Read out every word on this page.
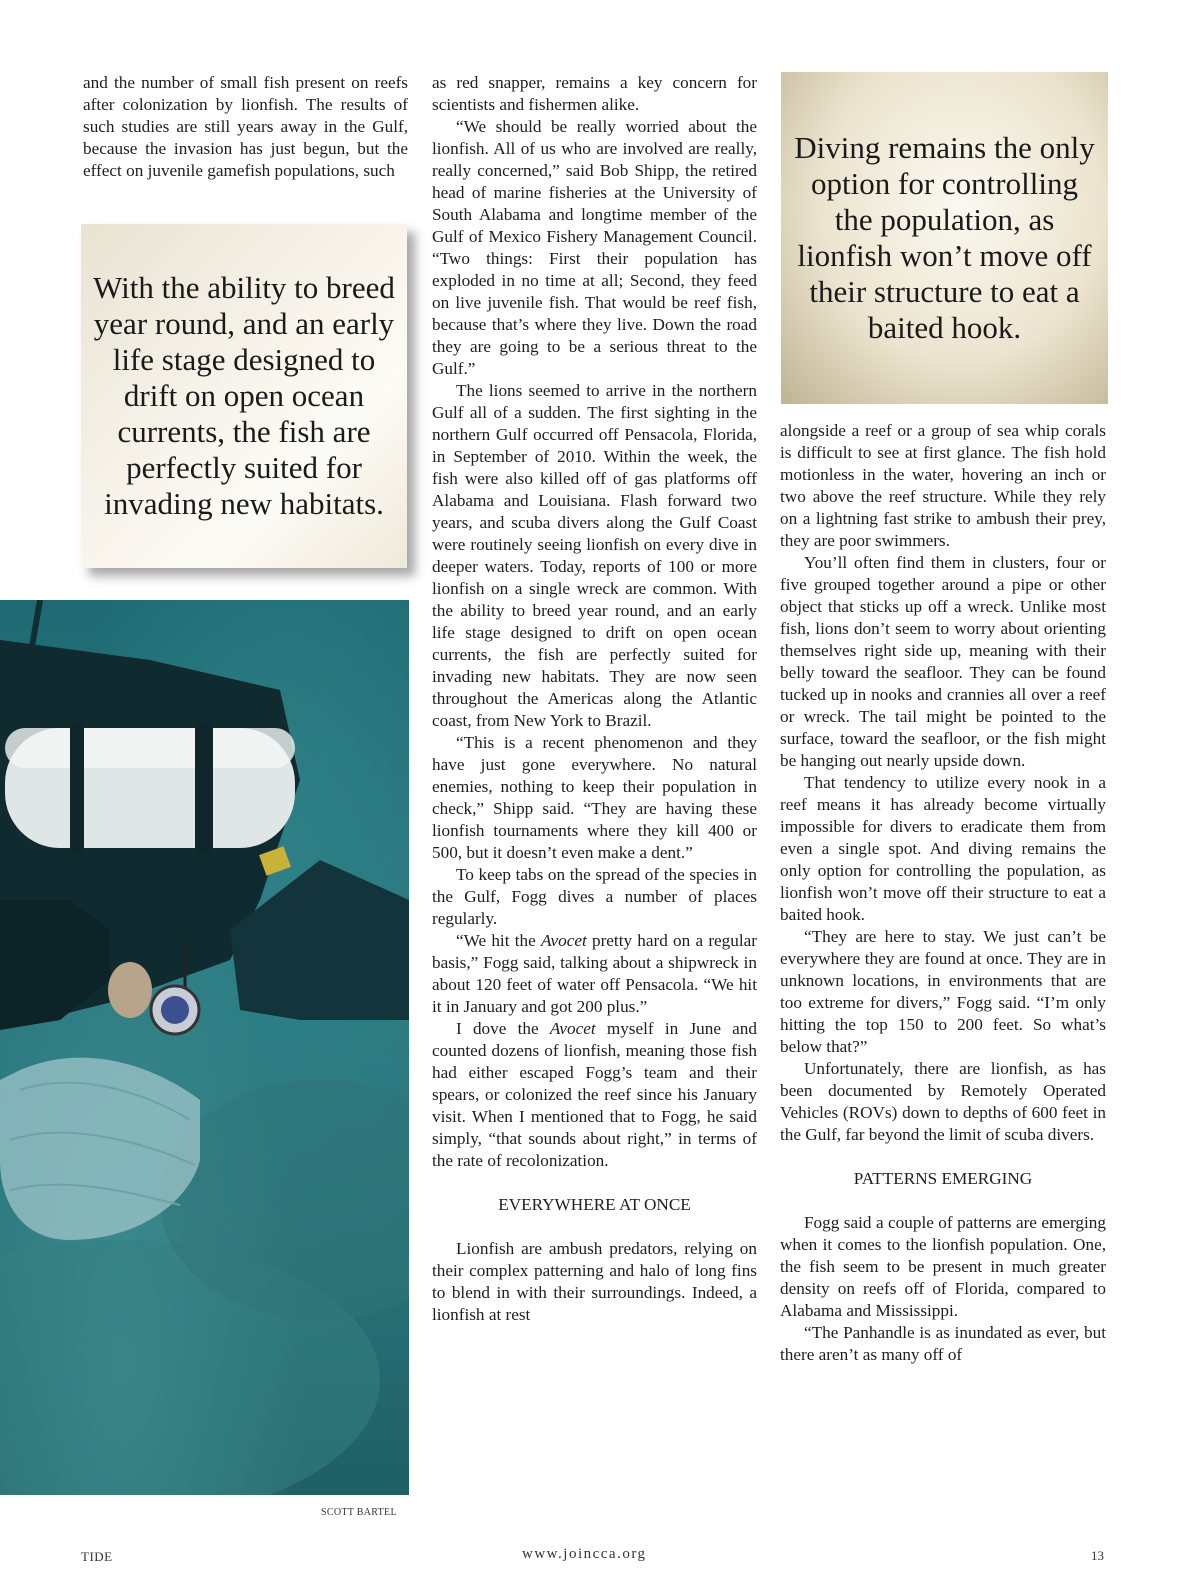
and the number of small fish present on reefs after colonization by lionfish. The results of such studies are still years away in the Gulf, because the invasion has just begun, but the effect on juvenile gamefish populations, such

With the ability to breed year round, and an early life stage designed to drift on open ocean currents, the fish are perfectly suited for invading new habitats.

as red snapper, remains a key concern for scientists and fishermen alike.

“We should be really worried about the lionfish. All of us who are involved are really, really concerned,” said Bob Shipp, the retired head of marine fisheries at the University of South Alabama and longtime member of the Gulf of Mexico Fishery Management Council. “Two things: First their population has exploded in no time at all; Second, they feed on live juvenile fish. That would be reef fish, because that’s where they live. Down the road they are going to be a serious threat to the Gulf.”

The lions seemed to arrive in the northern Gulf all of a sudden. The first sighting in the northern Gulf occurred off Pensacola, Florida, in September of 2010. Within the week, the fish were also killed off of gas platforms off Alabama and Louisiana. Flash forward two years, and scuba divers along the Gulf Coast were routinely seeing lionfish on every dive in deeper waters. Today, reports of 100 or more lionfish on a single wreck are common. With the ability to breed year round, and an early life stage designed to drift on open ocean currents, the fish are perfectly suited for invading new habitats. They are now seen throughout the Americas along the Atlantic coast, from New York to Brazil.

“This is a recent phenomenon and they have just gone everywhere. No natural enemies, nothing to keep their population in check,” Shipp said. “They are having these lionfish tournaments where they kill 400 or 500, but it doesn’t even make a dent.”

To keep tabs on the spread of the species in the Gulf, Fogg dives a number of places regularly.

“We hit the Avocet pretty hard on a regular basis,” Fogg said, talking about a shipwreck in about 120 feet of water off Pensacola. “We hit it in January and got 200 plus.”

I dove the Avocet myself in June and counted dozens of lionfish, meaning those fish had either escaped Fogg’s team and their spears, or colonized the reef since his January visit. When I mentioned that to Fogg, he said simply, “that sounds about right,” in terms of the rate of recolonization.

EVERYWHERE AT ONCE

Lionfish are ambush predators, relying on their complex patterning and halo of long fins to blend in with their surroundings. Indeed, a lionfish at rest

Diving remains the only option for controlling the population, as lionfish won’t move off their structure to eat a baited hook.

alongside a reef or a group of sea whip corals is difficult to see at first glance. The fish hold motionless in the water, hovering an inch or two above the reef structure. While they rely on a lightning fast strike to ambush their prey, they are poor swimmers.

You’ll often find them in clusters, four or five grouped together around a pipe or other object that sticks up off a wreck. Unlike most fish, lions don’t seem to worry about orienting themselves right side up, meaning with their belly toward the seafloor. They can be found tucked up in nooks and crannies all over a reef or wreck. The tail might be pointed to the surface, toward the seafloor, or the fish might be hanging out nearly upside down.

That tendency to utilize every nook in a reef means it has already become virtually impossible for divers to eradicate them from even a single spot. And diving remains the only option for controlling the population, as lionfish won’t move off their structure to eat a baited hook.

“They are here to stay. We just can’t be everywhere they are found at once. They are in unknown locations, in environments that are too extreme for divers,” Fogg said. “I’m only hitting the top 150 to 200 feet. So what’s below that?”

Unfortunately, there are lionfish, as has been documented by Remotely Operated Vehicles (ROVs) down to depths of 600 feet in the Gulf, far beyond the limit of scuba divers.

PATTERNS EMERGING

Fogg said a couple of patterns are emerging when it comes to the lionfish population. One, the fish seem to be present in much greater density on reefs off of Florida, compared to Alabama and Mississippi.

“The Panhandle is as inundated as ever, but there aren’t as many off of

SCOTT BARTEL
TIDE	www.joincca.org	13
